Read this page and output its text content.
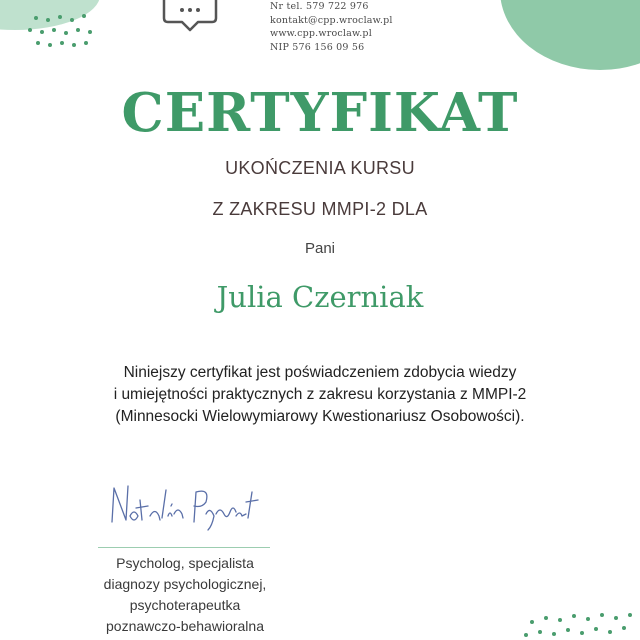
Nr tel. 579 722 976
kontakt@cpp.wroclaw.pl
www.cpp.wroclaw.pl
NIP 576 156 09 56
CERTYFIKAT
UKOŃCZENIA KURSU
Z ZAKRESU MMPI-2 DLA
Pani
Julia Czerniak
Niniejszy certyfikat jest poświadczeniem zdobycia wiedzy
i umiejętności praktycznych z zakresu korzystania z MMPI-2
(Minnesocki Wielowymiarowy Kwestionariusz Osobowości).
Psycholog, specjalista
diagnozy psychologicznej,
psychoterapeutka
poznawczo-behawioralna
